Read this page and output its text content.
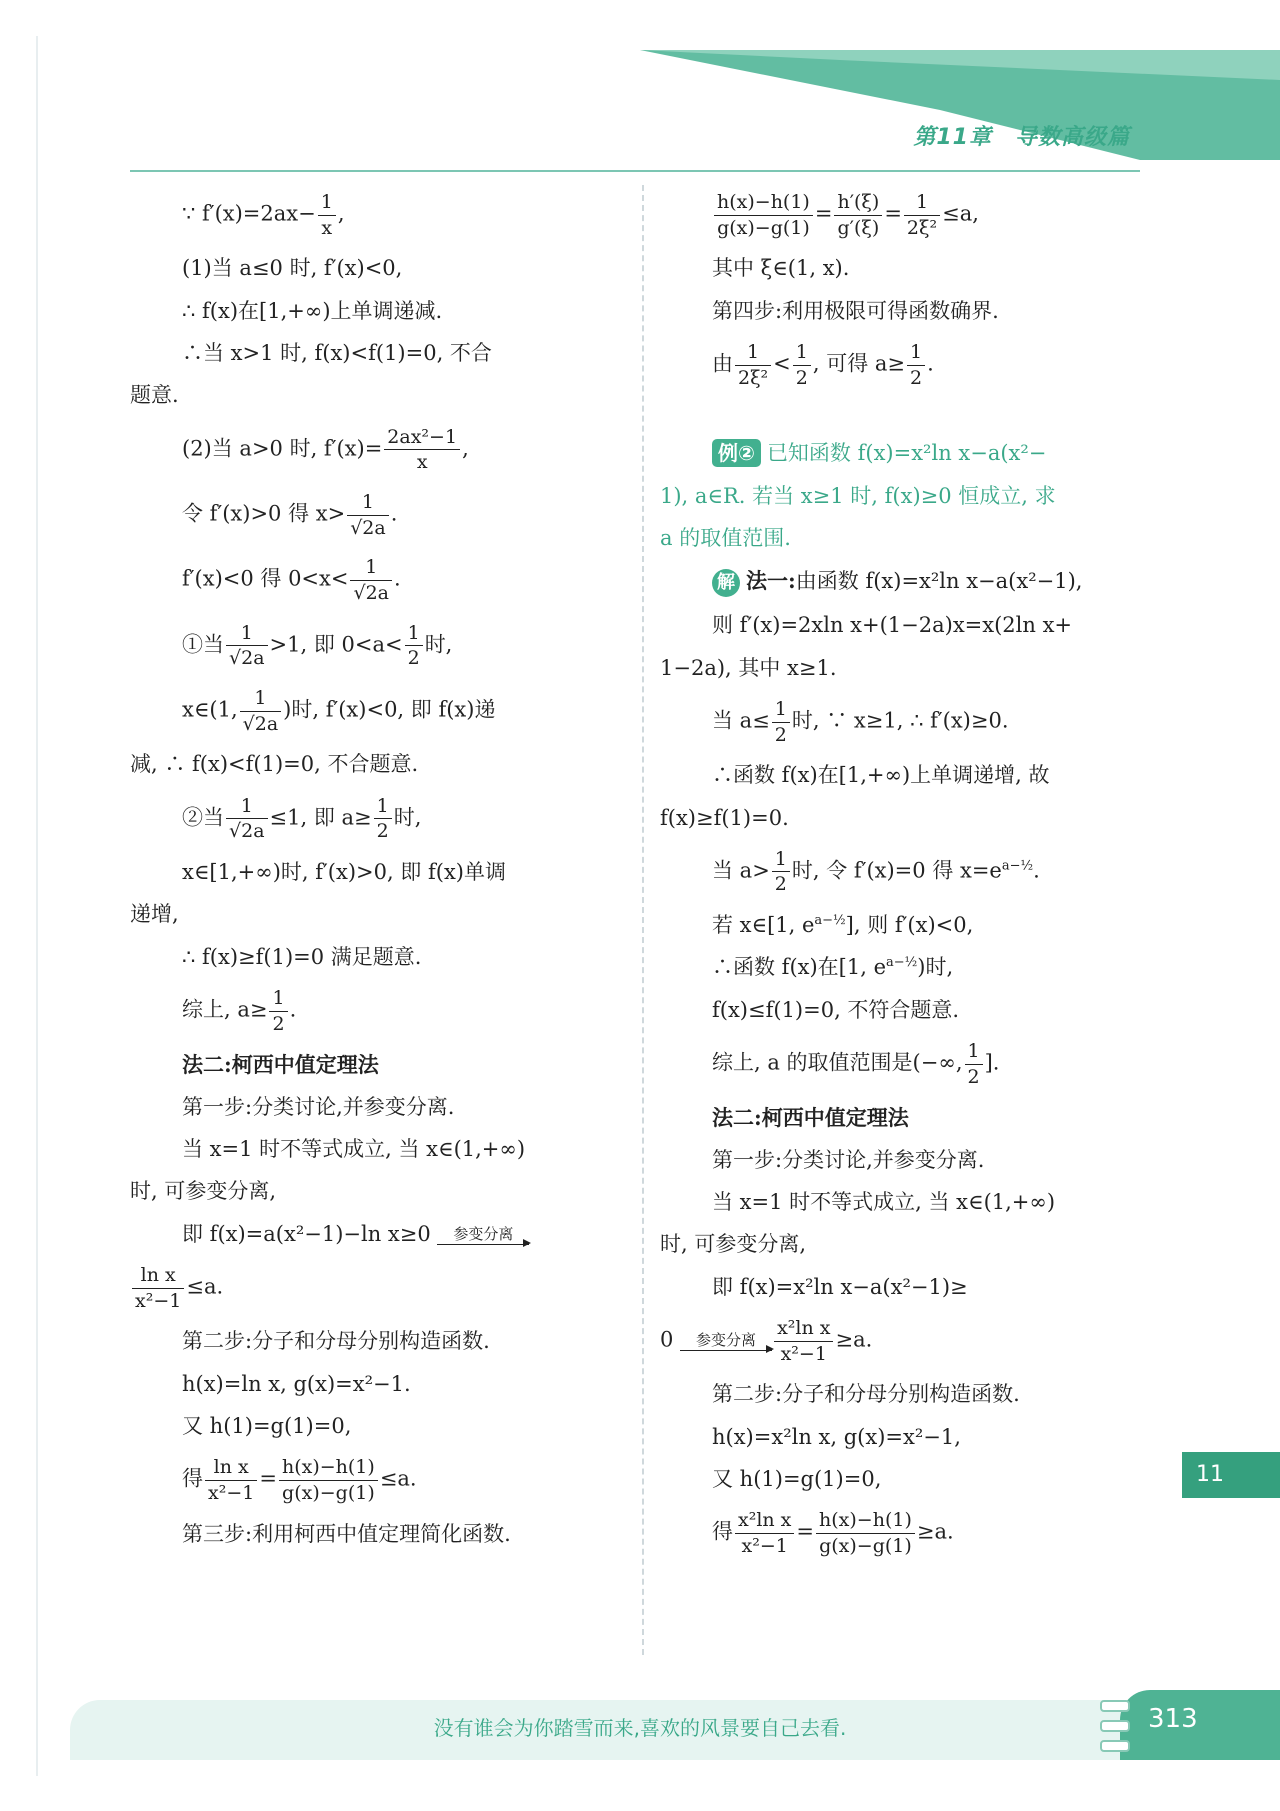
第11章　导数高级篇
∵ $f'(x)=2ax- \frac{1}{x}$ ,
(1)当 a≤0 时, f′(x)<0,
∴ f(x)在[1,+∞)上单调递减.
∴当 x>1 时, f(x)<f(1)=0, 不合
题意.
(2)当 a>0 时, $f'(x)= \frac{\text{2ax²−1}}{x}$ ,
令 f′(x)>0 得 $x> \frac{1}{√2a}$ .
f′(x)<0 得 $0<x< \frac{1}{√2a}$ .
①当 $\frac{1}{√2a} >1$, 即 $0<a< \frac{1}{2}$ 时,
x∈(1, $\frac{1}{√2a}$ )时, f′(x)<0, 即 f(x)递
减, ∴ f(x)<f(1)=0, 不合题意.
②当 $\frac{1}{√2a} \le 1$, 即 $a\ge \frac{1}{2}$ 时,
x∈[1,+∞)时, f′(x)>0, 即 f(x)单调
递增,
∴ f(x)≥f(1)=0 满足题意.
综上, $a\ge \frac{1}{2}$ .
法二:柯西中值定理法
第一步:分类讨论,并参变分离.
当 x=1 时不等式成立, 当 x∈(1,+∞)
时, 可参变分离,
即 f(x)=a(x²−1)−ln x≥0 参变分离
$\frac{\text{ln x}}{\text{x²−1}} \le a$.
第二步:分子和分母分别构造函数.
h(x)=ln x, g(x)=x²−1.
又 h(1)=g(1)=0,
得 $\frac{\text{ln x}}{\text{x²−1}} = \frac{h(x)-h(1)}{g(x)-g(1)} \le a$.
第三步:利用柯西中值定理简化函数.
$\frac{h(x)-h(1)}{g(x)-g(1)} = \frac{h'(\xi)}{g'(\xi)} = \frac{1}{\text{2ξ²}} \le a$,
其中 ξ∈(1, x).
第四步:利用极限可得函数确界.
由 $\frac{1}{\text{2ξ²}} < \frac{1}{2}$ , 可得 $a\ge \frac{1}{2}$ .
例② 已知函数 f(x)=x²ln x−a(x²−
1), a∈R. 若当 x≥1 时, f(x)≥0 恒成立, 求
a 的取值范围.
解 法一:由函数 f(x)=x²ln x−a(x²−1),
则 f′(x)=2xln x+(1−2a)x=x(2ln x+
1−2a), 其中 x≥1.
当 $a\le \frac{1}{2}$ 时, ∵ x≥1, ∴ f′(x)≥0.
∴函数 f(x)在[1,+∞)上单调递增, 故
f(x)≥f(1)=0.
当 $a> \frac{1}{2}$ 时, 令 f′(x)=0 得 $x=e^{a-\frac{1}{2}}$.
若 x∈[1, $e^{a-\frac{1}{2}}$], 则 f′(x)<0,
∴函数 f(x)在[1, $e^{a-\frac{1}{2}}$)时,
f(x)≤f(1)=0, 不符合题意.
综上, a 的取值范围是(−∞, $\frac{1}{2}$ ].
法二:柯西中值定理法
第一步:分类讨论,并参变分离.
当 x=1 时不等式成立, 当 x∈(1,+∞)
时, 可参变分离,
即 f(x)=x²ln x−a(x²−1)≥
0 参变分离 $\frac{\text{x²ln x}}{\text{x²−1}} \ge a$.
第二步:分子和分母分别构造函数.
h(x)=x²ln x, g(x)=x²−1,
又 h(1)=g(1)=0,
得 $\frac{\text{x²ln x}}{\text{x²−1}} = \frac{h(x)-h(1)}{g(x)-g(1)} \ge a$.
11
没有谁会为你踏雪而来,喜欢的风景要自己去看.	313
